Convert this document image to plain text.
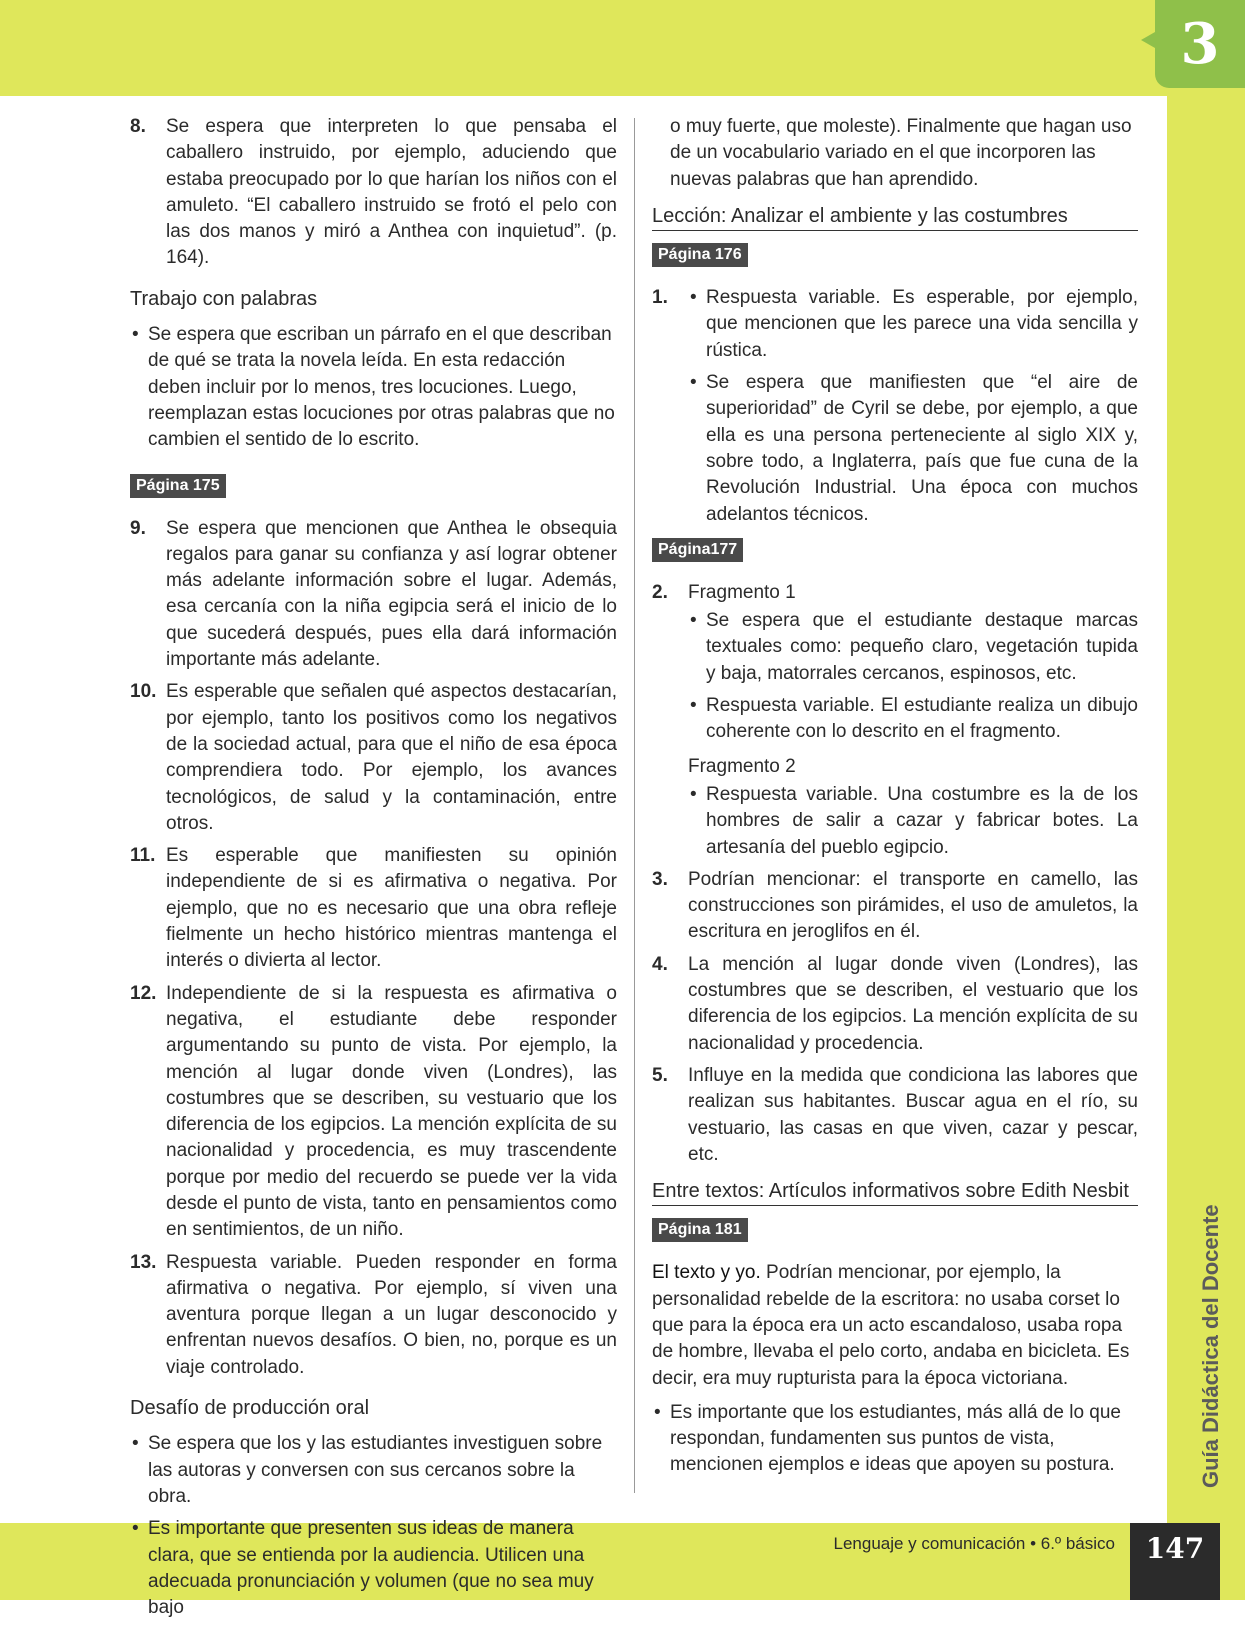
3
Guía Didáctica del Docente
Lenguaje y comunicación • 6.º básico	147
8. Se espera que interpreten lo que pensaba el caballero instruido, por ejemplo, aduciendo que estaba preocupado por lo que harían los niños con el amuleto. “El caballero instruido se frotó el pelo con las dos manos y miró a Anthea con inquietud”. (p. 164).
Trabajo con palabras
• Se espera que escriban un párrafo en el que describan de qué se trata la novela leída. En esta redacción deben incluir por lo menos, tres locuciones. Luego, reemplazan estas locuciones por otras palabras que no cambien el sentido de lo escrito.
Página 175
9. Se espera que mencionen que Anthea le obsequia regalos para ganar su confianza y así lograr obtener más adelante información sobre el lugar. Además, esa cercanía con la niña egipcia será el inicio de lo que sucederá después, pues ella dará información importante más adelante.
10. Es esperable que señalen qué aspectos destacarían, por ejemplo, tanto los positivos como los negativos de la sociedad actual, para que el niño de esa época comprendiera todo. Por ejemplo, los avances tecnológicos, de salud y la contaminación, entre otros.
11. Es esperable que manifiesten su opinión independiente de si es afirmativa o negativa. Por ejemplo, que no es necesario que una obra refleje fielmente un hecho histórico mientras mantenga el interés o divierta al lector.
12. Independiente de si la respuesta es afirmativa o negativa, el estudiante debe responder argumentando su punto de vista. Por ejemplo, la mención al lugar donde viven (Londres), las costumbres que se describen, su vestuario que los diferencia de los egipcios. La mención explícita de su nacionalidad y procedencia, es muy trascendente porque por medio del recuerdo se puede ver la vida desde el punto de vista, tanto en pensamientos como en sentimientos, de un niño.
13. Respuesta variable. Pueden responder en forma afirmativa o negativa. Por ejemplo, sí viven una aventura porque llegan a un lugar desconocido y enfrentan nuevos desafíos. O bien, no, porque es un viaje controlado.
Desafío de producción oral
• Se espera que los y las estudiantes investiguen sobre las autoras y conversen con sus cercanos sobre la obra.
• Es importante que presenten sus ideas de manera clara, que se entienda por la audiencia. Utilicen una adecuada pronunciación y volumen (que no sea muy bajo
o muy fuerte, que moleste). Finalmente que hagan uso de un vocabulario variado en el que incorporen las nuevas palabras que han aprendido.
Lección: Analizar el ambiente y las costumbres
Página 176
1.
•	Respuesta variable. Es esperable, por ejemplo, que mencionen que les parece una vida sencilla y rústica.
• Se espera que manifiesten que “el aire de superioridad” de Cyril se debe, por ejemplo, a que ella es una persona perteneciente al siglo XIX y, sobre todo, a Inglaterra, país que fue cuna de la Revolución Industrial. Una época con muchos adelantos técnicos.
Página177
2. Fragmento 1
• Se espera que el estudiante destaque marcas textuales como: pequeño claro, vegetación tupida y baja, matorrales cercanos, espinosos, etc.
• Respuesta variable. El estudiante realiza un dibujo coherente con lo descrito en el fragmento.
Fragmento 2
• Respuesta variable. Una costumbre es la de los hombres de salir a cazar y fabricar botes. La artesanía del pueblo egipcio.
3. Podrían mencionar: el transporte en camello, las construcciones son pirámides, el uso de amuletos, la escritura en jeroglifos en él.
4. La mención al lugar donde viven (Londres), las costumbres que se describen, el vestuario que los diferencia de los egipcios. La mención explícita de su nacionalidad y procedencia.
5. Influye en la medida que condiciona las labores que realizan sus habitantes. Buscar agua en el río, su vestuario, las casas en que viven, cazar y pescar, etc.
Entre textos: Artículos informativos sobre Edith Nesbit
Página 181
El texto y yo. Podrían mencionar, por ejemplo, la personalidad rebelde de la escritora: no usaba corset lo que para la época era un acto escandaloso, usaba ropa de hombre, llevaba el pelo corto, andaba en bicicleta. Es decir, era muy rupturista para la época victoriana.
• Es importante que los estudiantes, más allá de lo que respondan, fundamenten sus puntos de vista, mencionen ejemplos e ideas que apoyen su postura.
